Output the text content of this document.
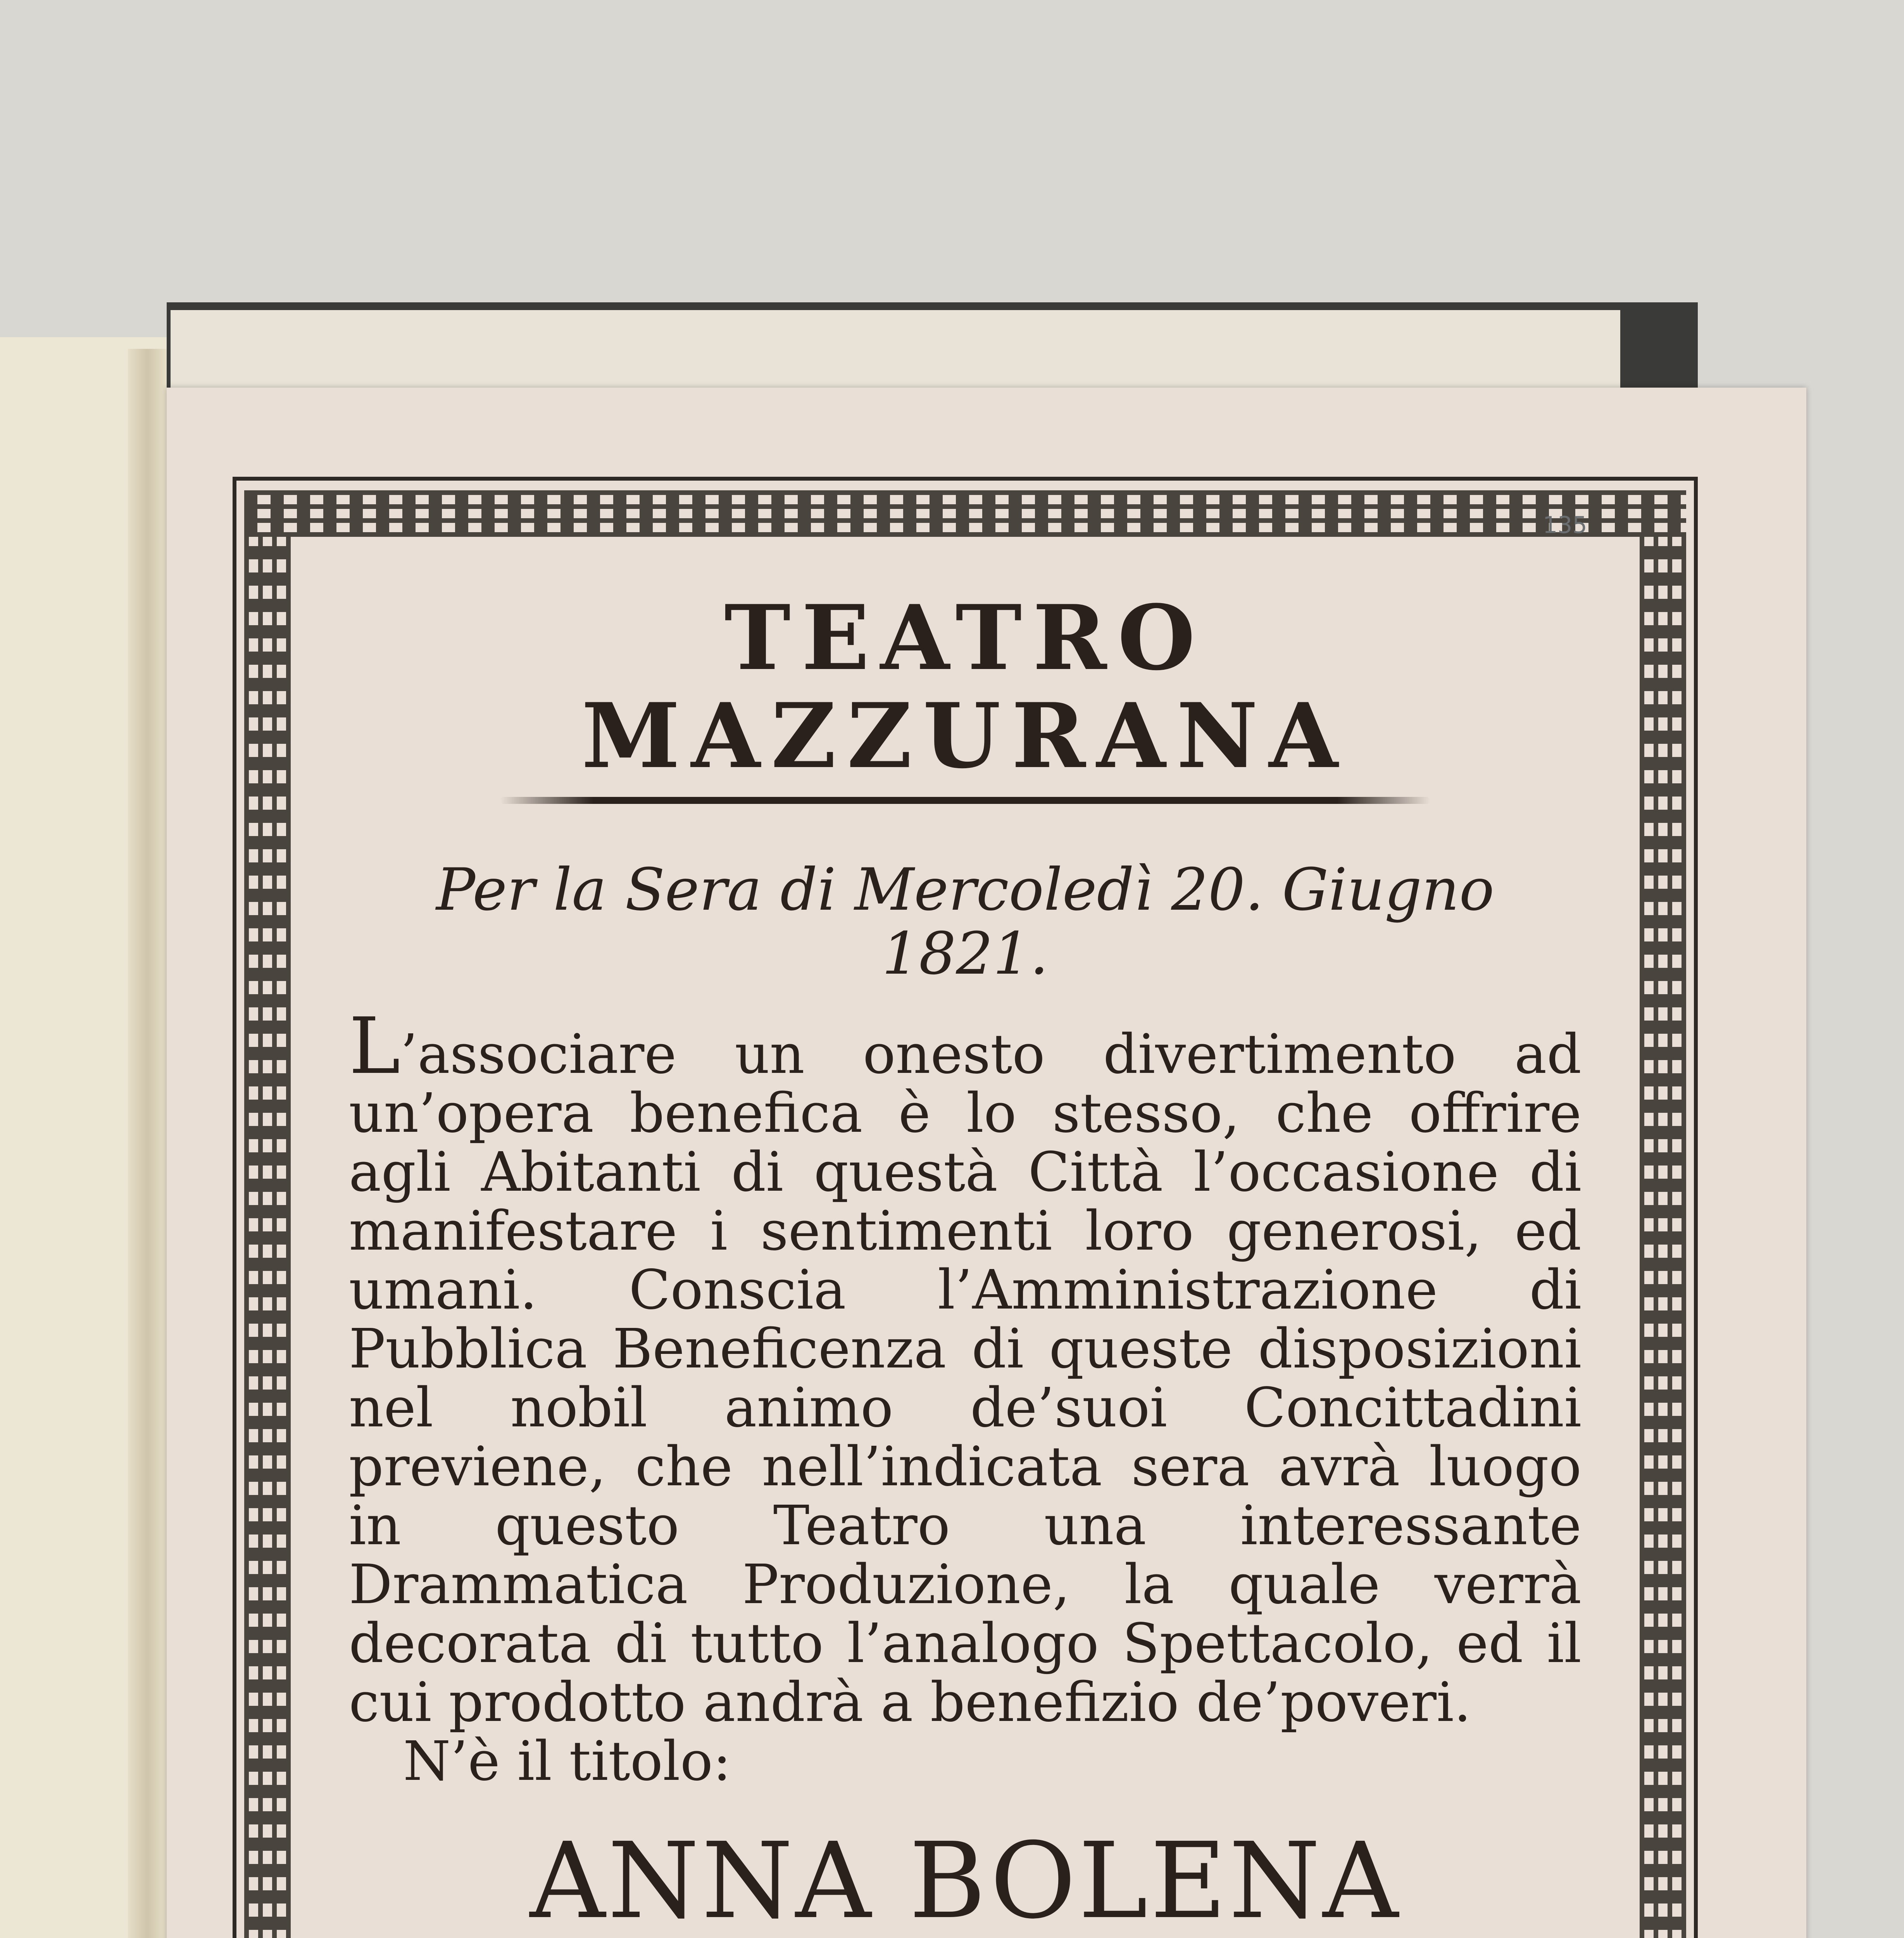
135
TEATRO MAZZURANA

Per la Sera di Mercoledì 20. Giugno 1821.

L’associare un onesto divertimento ad un’opera benefica è lo stesso, che offrire agli Abitanti di questà Città l’occasione di manifestare i sentimenti loro generosi, ed umani. Conscia l’Amministrazione di Pubblica Beneficenza di queste disposizioni nel nobil animo de’suoi Concittadini previene, che nell’indicata sera avrà luogo in questo Teatro una interessante Drammatica Produzione, la quale verrà decorata di tutto l’analogo Spettacolo, ed il cui prodotto andrà a benefizio de’poveri.

N’è il titolo:

ANNA BOLENA
